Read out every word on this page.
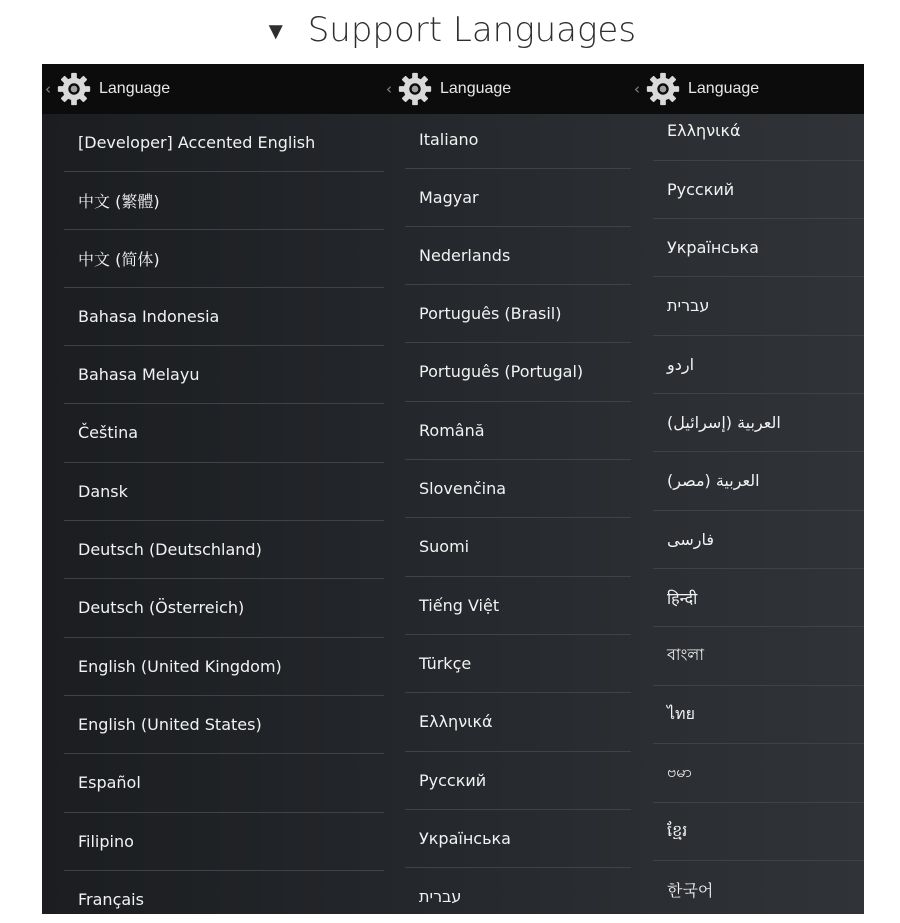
▼ Support Languages
‹	Language	‹	Language	‹	Language
[Developer] Accented English
中文 (繁體)
中文 (简体)
Bahasa Indonesia
Bahasa Melayu
Čeština
Dansk
Deutsch (Deutschland)
Deutsch (Österreich)
English (United Kingdom)
English (United States)
Español
Filipino
Français
Italiano
Magyar
Nederlands
Português (Brasil)
Português (Portugal)
Română
Slovenčina
Suomi
Tiếng Việt
Türkçe
Ελληνικά
Русский
Українська
עברית
Ελληνικά
Русский
Українська
עברית
اردو
العربية (إسرائيل)
العربية (مصر)
فارسی
हिन्दी
বাংলা
ไทย
ဗမာ
ខ្មែរ
한국어
